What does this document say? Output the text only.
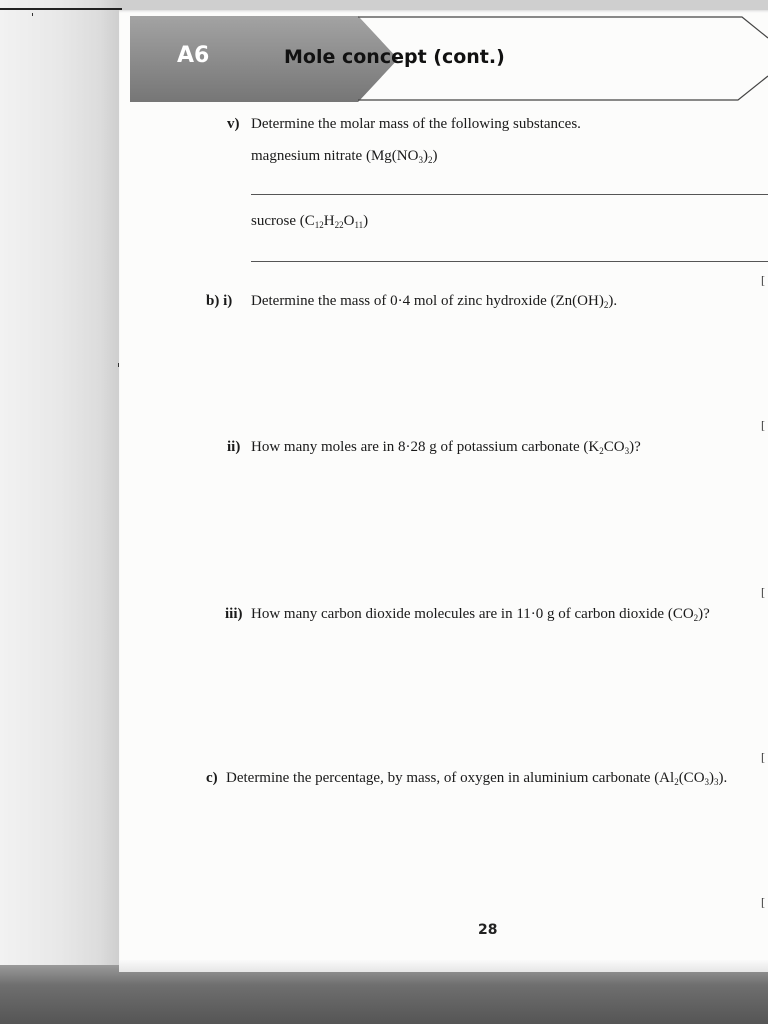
A6	Mole concept (cont.)
v) Determine the molar mass of the following substances.
magnesium nitrate $(Mg(NO_3)_2)$
sucrose $(C_{12}H_{22}O_{11})$
[
b) i) Determine the mass of 0·4 mol of zinc hydroxide $(Zn(OH)_2)$.
[
ii) How many moles are in 8·28 g of potassium carbonate $(K_2CO_3)$?
[
iii) How many carbon dioxide molecules are in 11·0 g of carbon dioxide $(CO_2)$?
[
c) Determine the percentage, by mass, of oxygen in aluminium carbonate $(Al_2(CO_3)_3)$.
[
28
